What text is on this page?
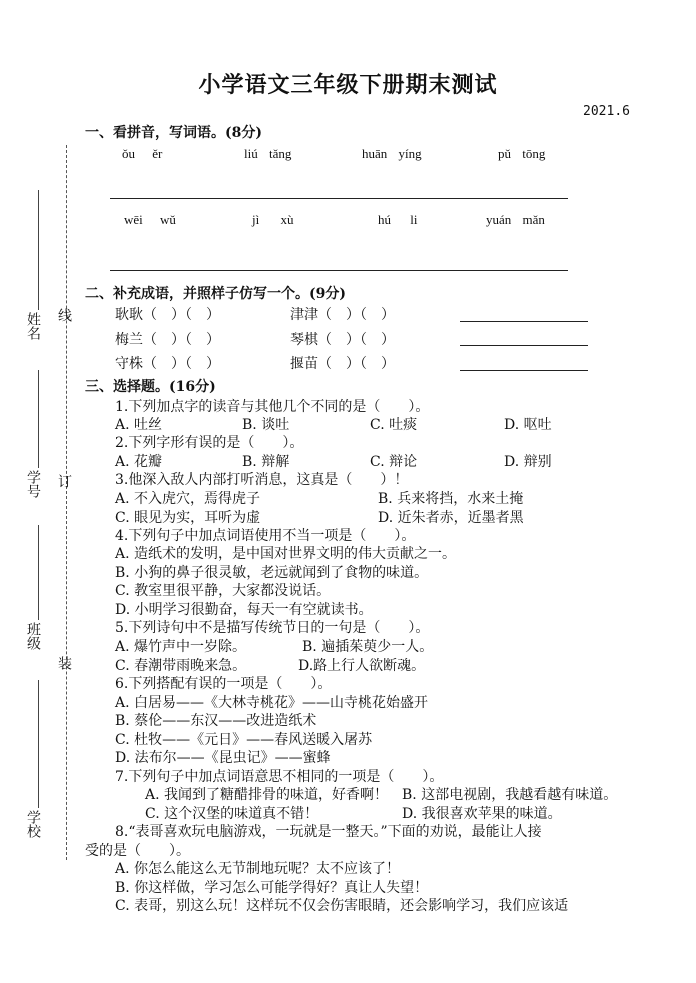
小学语文三年级下册期末测试
2021.6
姓名 线
学号 订
班级
装
学校
一、看拼音，写词语。(8分)
ǒu ěr	liú tǎng	huān yíng	pǔ tōng
wēi wǔ	jì xù	hú li	yuán mǎn
二、补充成语，并照样子仿写一个。(9分)
耿耿（　）（　）	津津（　）（　）
梅兰（　）（　）	琴棋（　）（　）
守株（　）（　）	揠苗（　）（　）
三、选择题。(16分)
1.下列加点字的读音与其他几个不同的是（　　）。
A. 吐丝	B. 谈吐	C. 吐痰	D. 呕吐
2.下列字形有误的是（　　）。
A. 花瓣	B. 辩解	C. 辩论	D. 辩别
3.他深入敌人内部打听消息，这真是（　　）！
A. 不入虎穴，焉得虎子	B. 兵来将挡，水来土掩
C. 眼见为实，耳听为虚	D. 近朱者赤，近墨者黑
4.下列句子中加点词语使用不当一项是（　　）。
A. 造纸术的发明，是中国对世界文明的伟大贡献之一。
B. 小狗的鼻子很灵敏，老远就闻到了食物的味道。
C. 教室里很平静，大家都没说话。
D. 小明学习很勤奋，每天一有空就读书。
5.下列诗句中不是描写传统节日的一句是（　　）。
A. 爆竹声中一岁除。	B. 遍插茱萸少一人。
C. 春潮带雨晚来急。	D.路上行人欲断魂。
6.下列搭配有误的一项是（　　）。
A. 白居易——《大林寺桃花》——山寺桃花始盛开
B. 蔡伦——东汉——改进造纸术
C. 杜牧——《元日》——春风送暖入屠苏
D. 法布尔——《昆虫记》——蜜蜂
7.下列句子中加点词语意思不相同的一项是（　　）。
A. 我闻到了糖醋排骨的味道，好香啊！ B. 这部电视剧，我越看越有味道。
C. 这个汉堡的味道真不错！	D. 我很喜欢苹果的味道。
8.“表哥喜欢玩电脑游戏，一玩就是一整天。”下面的劝说，最能让人接
受的是（　　）。
A. 你怎么能这么无节制地玩呢？太不应该了！
B. 你这样做，学习怎么可能学得好？真让人失望！
C. 表哥，别这么玩！这样玩不仅会伤害眼睛，还会影响学习，我们应该适
